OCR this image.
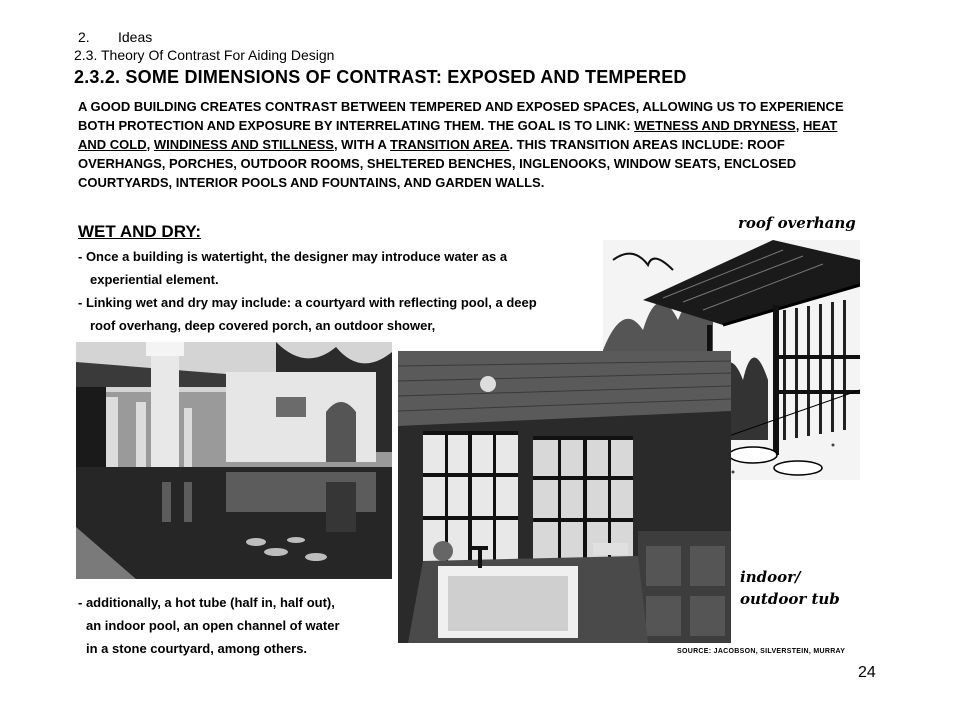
2. Ideas
2.3. Theory Of Contrast For Aiding Design
2.3.2. SOME DIMENSIONS OF CONTRAST: EXPOSED AND TEMPERED
A GOOD BUILDING CREATES CONTRAST BETWEEN TEMPERED AND EXPOSED SPACES, ALLOWING US TO EXPERIENCE BOTH PROTECTION AND EXPOSURE BY INTERRELATING THEM. THE GOAL IS TO LINK: WETNESS AND DRYNESS, HEAT AND COLD, WINDINESS AND STILLNESS, WITH A TRANSITION AREA. THIS TRANSITION AREAS INCLUDE: ROOF OVERHANGS, PORCHES, OUTDOOR ROOMS, SHELTERED BENCHES, INGLENOOKS, WINDOW SEATS, ENCLOSED COURTYARDS, INTERIOR POOLS AND FOUNTAINS, AND GARDEN WALLS.
WET AND DRY:
- Once a building is watertight, the designer may introduce water as a
experiential element.
- Linking wet and dry may include: a courtyard with reflecting pool, a deep
roof overhang, deep covered porch, an outdoor shower,
roof overhang
- additionally, a hot tube (half in, half out),
an indoor pool, an open channel of water
in a stone courtyard, among others.
indoor/
outdoor tub
SOURCE: JACOBSON, SILVERSTEIN, MURRAY
24
